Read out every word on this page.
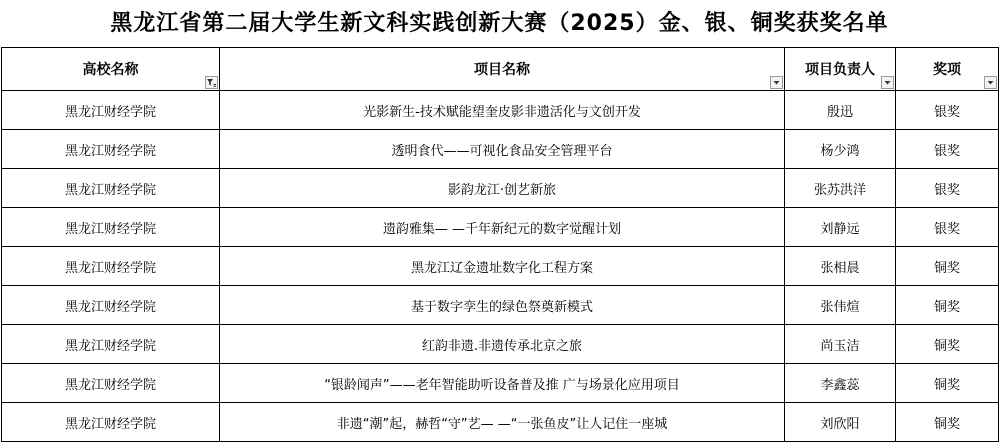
黑龙江省第二届大学生新文科实践创新大赛（2025）金、银、铜奖获奖名单
高校名称	项目名称	项目负责人	奖项

黑龙江财经学院	光影新生-技术赋能望奎皮影非遗活化与文创开发	殷迅	银奖
黑龙江财经学院	透明食代——可视化食品安全管理平台	杨少鸿	银奖
黑龙江财经学院	影韵龙江·创艺新旅	张苏洪洋	银奖
黑龙江财经学院	遗韵雅集— —千年新纪元的数字觉醒计划	刘静远	银奖
黑龙江财经学院	黑龙江辽金遗址数字化工程方案	张相晨	铜奖
黑龙江财经学院	基于数字孪生的绿色祭奠新模式	张伟煊	铜奖
黑龙江财经学院	红韵非遗.非遗传承北京之旅	尚玉洁	铜奖
黑龙江财经学院	“银龄闻声”——老年智能助听设备普及推 广与场景化应用项目	李鑫蕊	铜奖
黑龙江财经学院	非遗“潮”起，赫哲“守”艺— —“一张鱼皮”让人记住一座城	刘欣阳	铜奖
